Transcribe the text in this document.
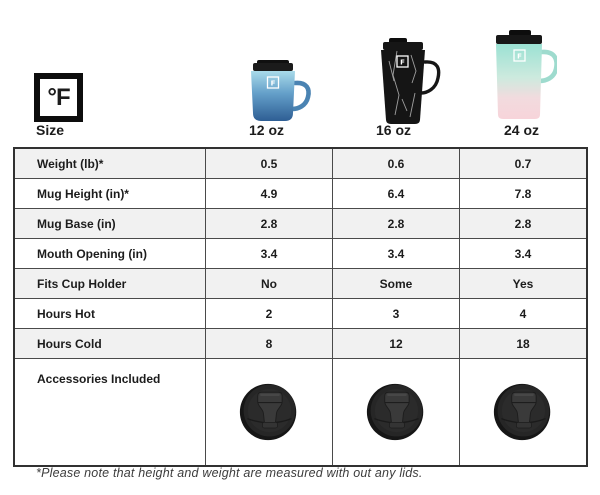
°F	F
F
F
Size	12 oz	16 oz	24 oz
Weight (lb)*	0.5	0.6	0.7
Mug Height (in)*	4.9	6.4	7.8
Mug Base (in)	2.8	2.8	2.8
Mouth Opening (in)	3.4	3.4	3.4
Fits Cup Holder	No	Some	Yes
Hours Hot	2	3	4
Hours Cold	8	12	18
Accessories Included
*Please note that height and weight are measured with out any lids.
